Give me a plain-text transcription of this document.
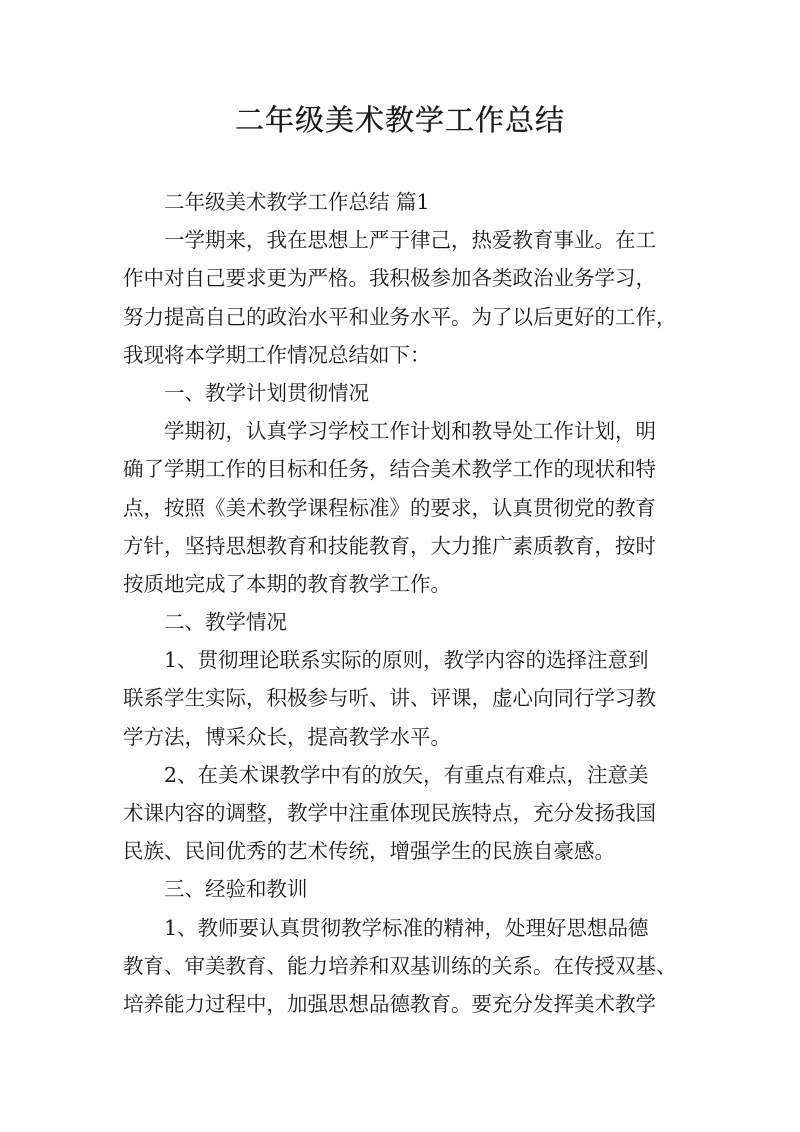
二年级美术教学工作总结
二年级美术教学工作总结 篇1
一学期来，我在思想上严于律己，热爱教育事业。在工
作中对自己要求更为严格。我积极参加各类政治业务学习，
努力提高自己的政治水平和业务水平。为了以后更好的工作，
我现将本学期工作情况总结如下：
一、教学计划贯彻情况
学期初，认真学习学校工作计划和教导处工作计划，明
确了学期工作的目标和任务，结合美术教学工作的现状和特
点，按照《美术教学课程标准》的要求，认真贯彻党的教育
方针，坚持思想教育和技能教育，大力推广素质教育，按时
按质地完成了本期的教育教学工作。
二、教学情况
1、贯彻理论联系实际的原则，教学内容的选择注意到
联系学生实际，积极参与听、讲、评课，虚心向同行学习教
学方法，博采众长，提高教学水平。
2、在美术课教学中有的放矢，有重点有难点，注意美
术课内容的调整，教学中注重体现民族特点，充分发扬我国
民族、民间优秀的艺术传统，增强学生的民族自豪感。
三、经验和教训
1、教师要认真贯彻教学标准的精神，处理好思想品德
教育、审美教育、能力培养和双基训练的关系。在传授双基、
培养能力过程中，加强思想品德教育。要充分发挥美术教学
